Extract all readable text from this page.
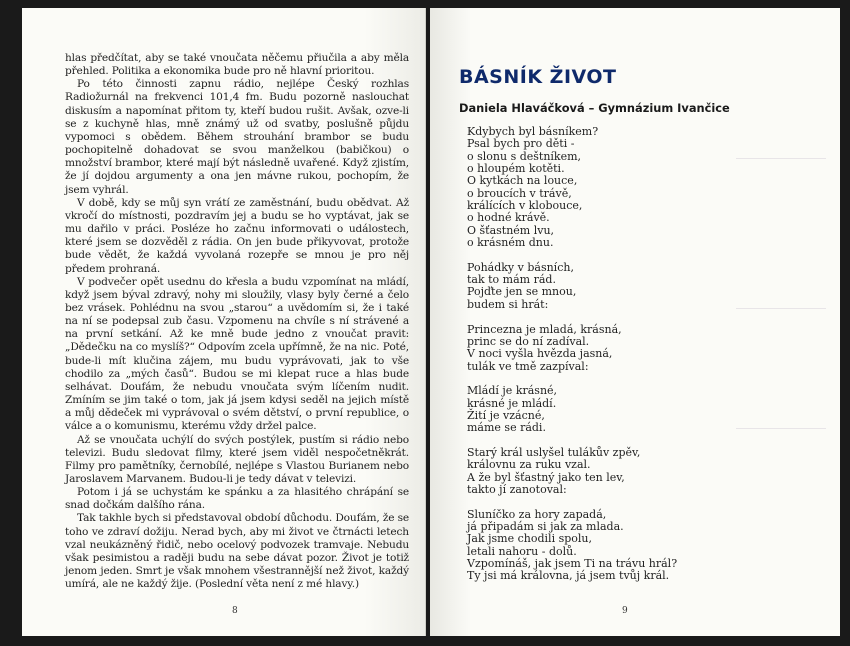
hlas předčítat, aby se také vnoučata něčemu přiučila a aby měla přehled. Politika a ekonomika bude pro ně hlavní prioritou.

Po této činnosti zapnu rádio, nejlépe Český rozhlas Radiožurnál na frekvenci 101,4 fm. Budu pozorně naslouchat diskusím a napomínat přitom ty, kteří budou rušit. Avšak, ozve-li se z kuchyně hlas, mně známý už od svatby, poslušně půjdu vypomoci s obědem. Během strouhání brambor se budu pochopitelně dohadovat se svou manželkou (babičkou) o množství brambor, které mají být následně uvařené. Když zjistím, že jí dojdou argumenty a ona jen mávne rukou, pochopím, že jsem vyhrál.

V době, kdy se můj syn vrátí ze zaměstnání, budu obědvat. Až vkročí do místnosti, pozdravím jej a budu se ho vyptávat, jak se mu dařilo v práci. Posléze ho začnu informovati o událostech, které jsem se dozvěděl z rádia. On jen bude přikyvovat, protože bude vědět, že každá vyvolaná rozepře se mnou je pro něj předem prohraná.

V podvečer opět usednu do křesla a budu vzpomínat na mládí, když jsem býval zdravý, nohy mi sloužily, vlasy byly černé a čelo bez vrásek. Pohlédnu na svou „starou“ a uvědomím si, že i také na ní se podepsal zub času. Vzpomenu na chvíle s ní strávené a na první setkání. Až ke mně bude jedno z vnoučat pravit: „Dědečku na co myslíš?“ Odpovím zcela upřímně, že na nic. Poté, bude-li mít klučina zájem, mu budu vyprávovati, jak to vše chodilo za „mých časů“. Budou se mi klepat ruce a hlas bude selhávat. Doufám, že nebudu vnoučata svým líčením nudit. Zmíním se jim také o tom, jak já jsem kdysi seděl na jejich místě a můj dědeček mi vyprávoval o svém dětství, o první republice, o válce a o komunismu, kterému vždy držel palce.

Až se vnoučata uchýlí do svých postýlek, pustím si rádio nebo televizi. Budu sledovat filmy, které jsem viděl nespočetněkrát. Filmy pro pamětníky, černobílé, nejlépe s Vlastou Burianem nebo Jaroslavem Marvanem. Budou-li je tedy dávat v televizi.

Potom i já se uchystám ke spánku a za hlasitého chrápání se snad dočkám dalšího rána.

Tak takhle bych si představoval období důchodu. Doufám, že se toho ve zdraví dožiju. Nerad bych, aby mi život ve čtrnácti letech vzal neukázněný řidič, nebo ocelový podvozek tramvaje. Nebudu však pesimistou a raději budu na sebe dávat pozor. Život je totiž jenom jeden. Smrt je však mnohem všestrannější než život, každý umírá, ale ne každý žije. (Poslední věta není z mé hlavy.)

8
BÁSNÍK ŽIVOT
Daniela Hlaváčková – Gymnázium Ivančice
Kdybych byl básníkem?
Psal bych pro děti -
o slonu s deštníkem,
o hloupém kotěti.
O kytkách na louce,
o broucích v trávě,
králících v klobouce,
o hodné krávě.
O šťastném lvu,
o krásném dnu.
Pohádky v básních,
tak to mám rád.
Pojďte jen se mnou,
budem si hrát:
Princezna je mladá, krásná,
princ se do ní zadíval.
V noci vyšla hvězda jasná,
tulák ve tmě zazpíval:
Mládí je krásné,
krásné je mládí.
Žití je vzácné,
máme se rádi.
Starý král uslyšel tulákův zpěv,
královnu za ruku vzal.
A že byl šťastný jako ten lev,
takto jí zanotoval:
Sluníčko za hory zapadá,
já připadám si jak za mlada.
Jak jsme chodili spolu,
letali nahoru - dolů.
Vzpomínáš, jak jsem Ti na trávu hrál?
Ty jsi má královna, já jsem tvůj král.
9
